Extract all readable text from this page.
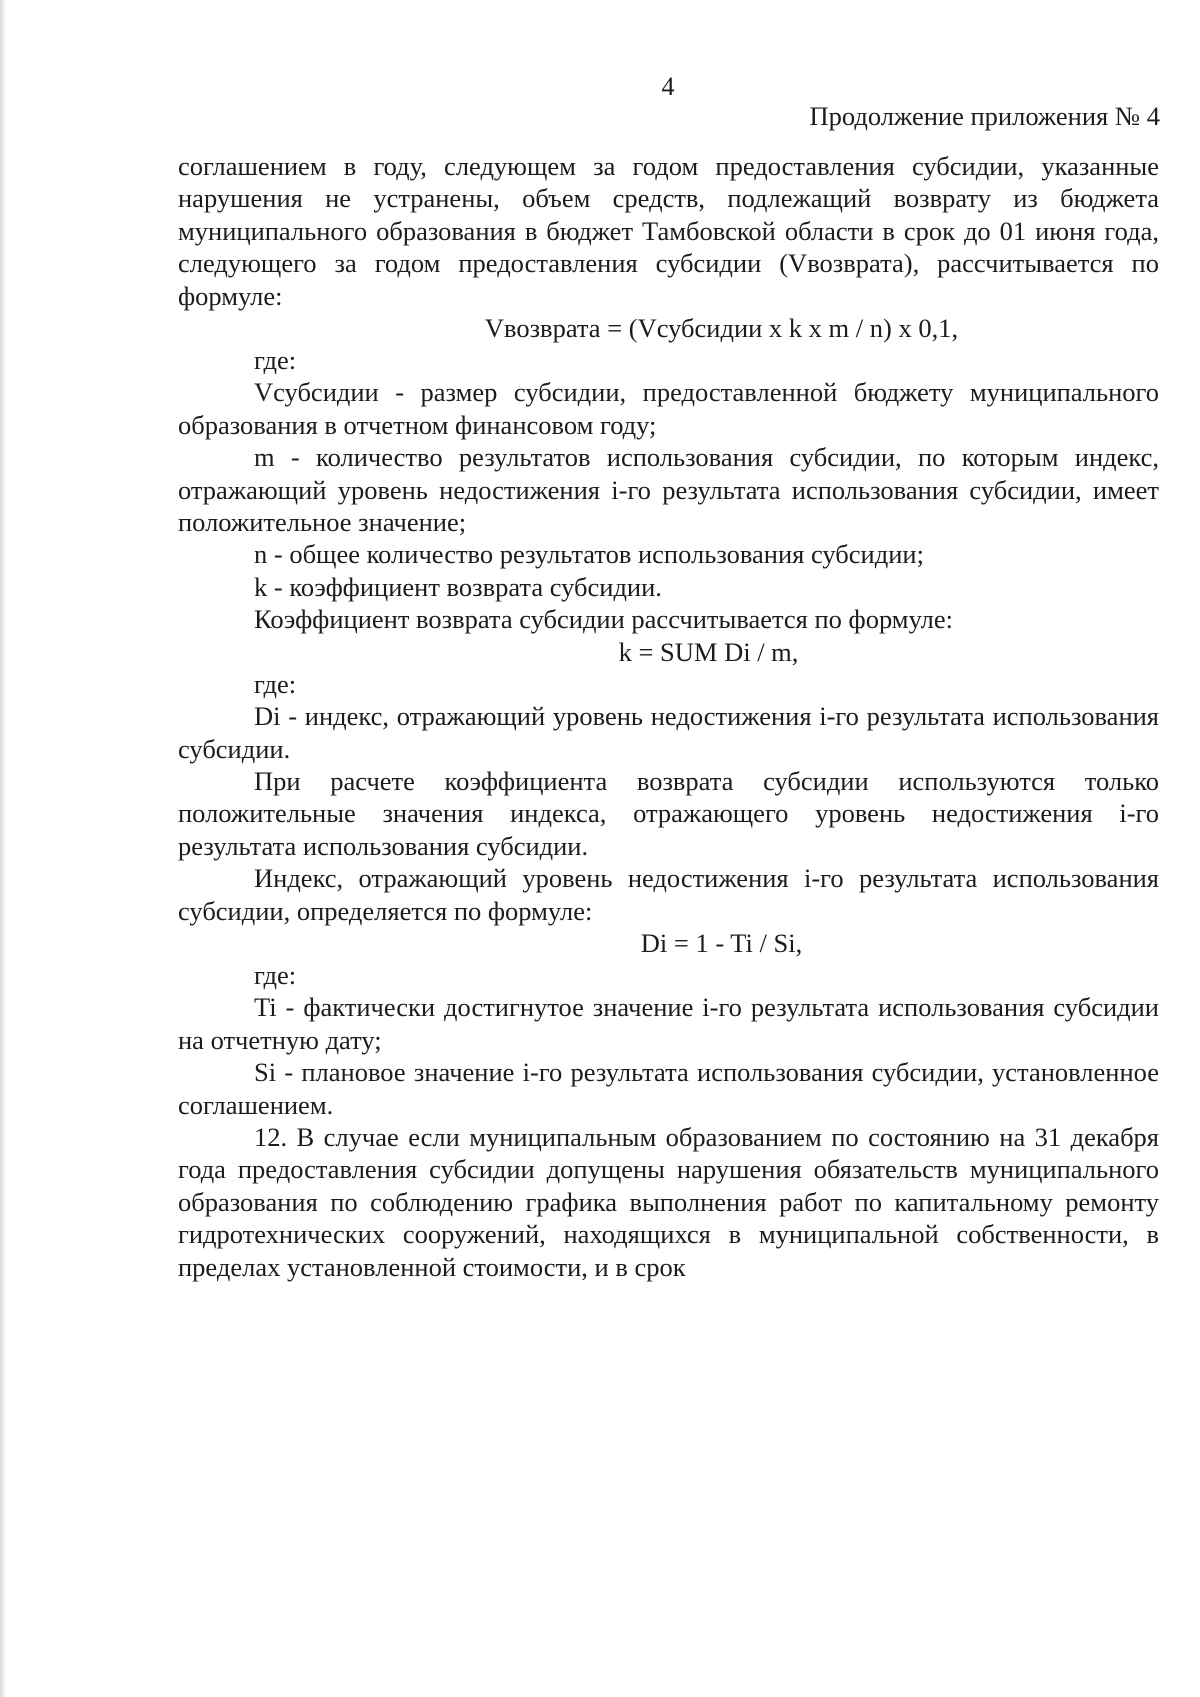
4
Продолжение приложения № 4

соглашением в году, следующем за годом предоставления субсидии, указанные нарушения не устранены, объем средств, подлежащий возврату из бюджета муниципального образования в бюджет Тамбовской области в срок до 01 июня года, следующего за годом предоставления субсидии (Vвозврата), рассчитывается по формуле:

Vвозврата = (Vсубсидии x k x m / n) x 0,1,

где:

Vсубсидии - размер субсидии, предоставленной бюджету муниципального образования в отчетном финансовом году;

m - количество результатов использования субсидии, по которым индекс, отражающий уровень недостижения i-го результата использования субсидии, имеет положительное значение;

n - общее количество результатов использования субсидии;

k - коэффициент возврата субсидии.

Коэффициент возврата субсидии рассчитывается по формуле:

k = SUM Di / m,

где:

Di - индекс, отражающий уровень недостижения i-го результата использования субсидии.

При расчете коэффициента возврата субсидии используются только положительные значения индекса, отражающего уровень недостижения i-го результата использования субсидии.

Индекс, отражающий уровень недостижения i-го результата использования субсидии, определяется по формуле:

Di = 1 - Ti / Si,

где:

Ti - фактически достигнутое значение i-го результата использования субсидии на отчетную дату;

Si - плановое значение i-го результата использования субсидии, установленное соглашением.

12. В случае если муниципальным образованием по состоянию на 31 декабря года предоставления субсидии допущены нарушения обязательств муниципального образования по соблюдению графика выполнения работ по капитальному ремонту гидротехнических сооружений, находящихся в муниципальной собственности, в пределах установленной стоимости, и в срок
